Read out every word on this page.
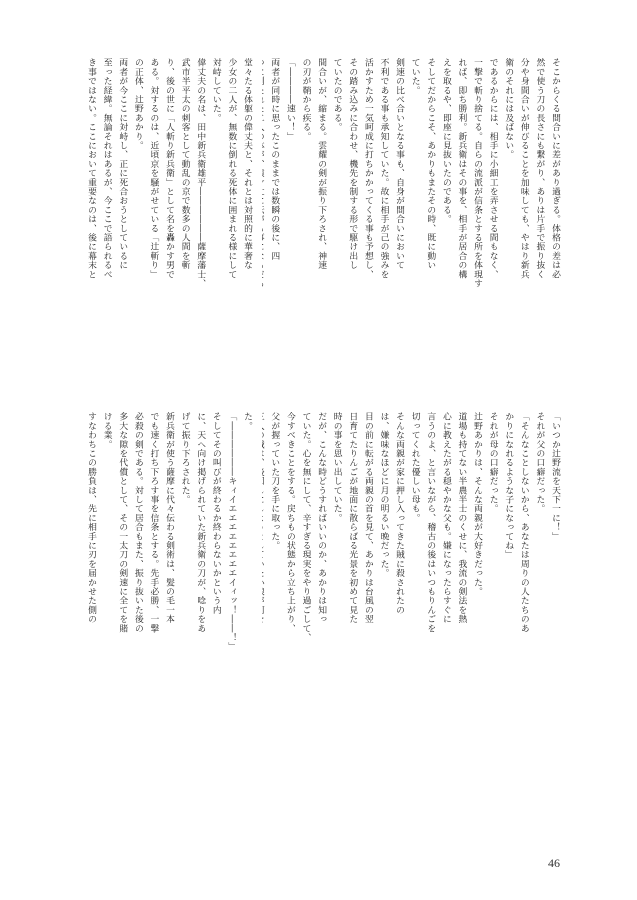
そこからくる間合いに差があり過ぎる。体格の差は必
然で使う刀の長さにも繋がり、ありは片手で振り抜く
分や身間合いが伸びることを加味しても、やはり新兵
衛のそれには及ばない。
であるからには、相手に小細工を弄させる間もなく、
一撃で斬り捨てる。自らの流派が信条とする所を体現す
れば、即ち勝利。新兵衛はその事を、相手が居合の構
えを取るや、即座に見抜いたのである。
そしてだからこそ、あかりもまたその時、既に動い
ていた。
剣速の比べ合いとなる事も、自身が間合いにおいて
不利である事も承知していた。故に相手が己の強みを
活かすため一気呵成に打ちかかってくる事も予想し、
その踏み込みに合わせ、機先を制する形で駆け出し
ていたのである。
間合いが、縮まる。雲耀の剣が振り下ろされ、神速
の刃が鞘から疾る。
「――――速い！」
両者が同時に思ったこのままでは数瞬の後に、四
堂々たる体躯の偉丈夫と、それとは対照的に華奢な
少女の二人が、無数に倒れる死体に囲まれる様にして
対峙していた。
偉丈夫の名は、田中新兵衛雄平――――――薩摩藩士、
武市半平太の刺客として動乱の京で数多の人間を斬
り、後の世に「人斬り新兵衛」として名を轟かす男で
ある。対するのは、近頃京を騒がせている「辻斬り」
の正体、辻野あかり。
両者が今ここに対峙し、正に死合おうとしているに
至った経緯。無論それはあるが、今ここで語られるべ
き事ではない。ここにおいて重要なのは、後に幕末と
「いつか辻野流を天下一に！」
それが父の口癖だった。
「そんなことしないから、あなたは周りの人たちのあ
かりになれるような子になってね」
それが母の口癖だった。
辻野あかりは、そんな両親が大好きだった。
道場も持てない半農半士のくせに、我流の剣法を熱
心に教えたがる穏やかな父も。嫌になったらすぐに
言うのよ、と言いながら、稽古の後はいつもりんごを
切ってくれた優しい母も。
そんな両親が家に押し入ってきた賊に殺されたの
は、嫌味なほどに月の明るい晩だった。
目の前に転がる両親の首を見て、あかりは台風の翌
日育てたりんごが地面に散らばる光景を初めて見た
時の事を思い出していた。
だが、こんな時どうすればいいのか、あかりは知っ
ていた。心を無にして、辛すぎる現実をやり過ごして、
今すべきことをする。戻ちもの状態から立ち上がり、
父が握っていた刀を手に取った。
た。
「――――――キィイエエエエエエエエイィッ！――！」
そしてその叫びが終わるか終わらないかという内
に、天へ向け掲げられていた新兵衛の刀が、唸りをあ
げて振り下ろされた。
新兵衛が使う薩摩に代々伝わる剣術は、髪の毛一本
でも速く打ち下ろす事を信条とする。先手必勝、一撃
必殺の剣である。対して居合もまた、振り抜いた後の
多大な隙を代償として、その一太刀の剣速に全てを賭
ける業。
すなわちこの勝負は、先に相手に刃を届かせた側の
46
